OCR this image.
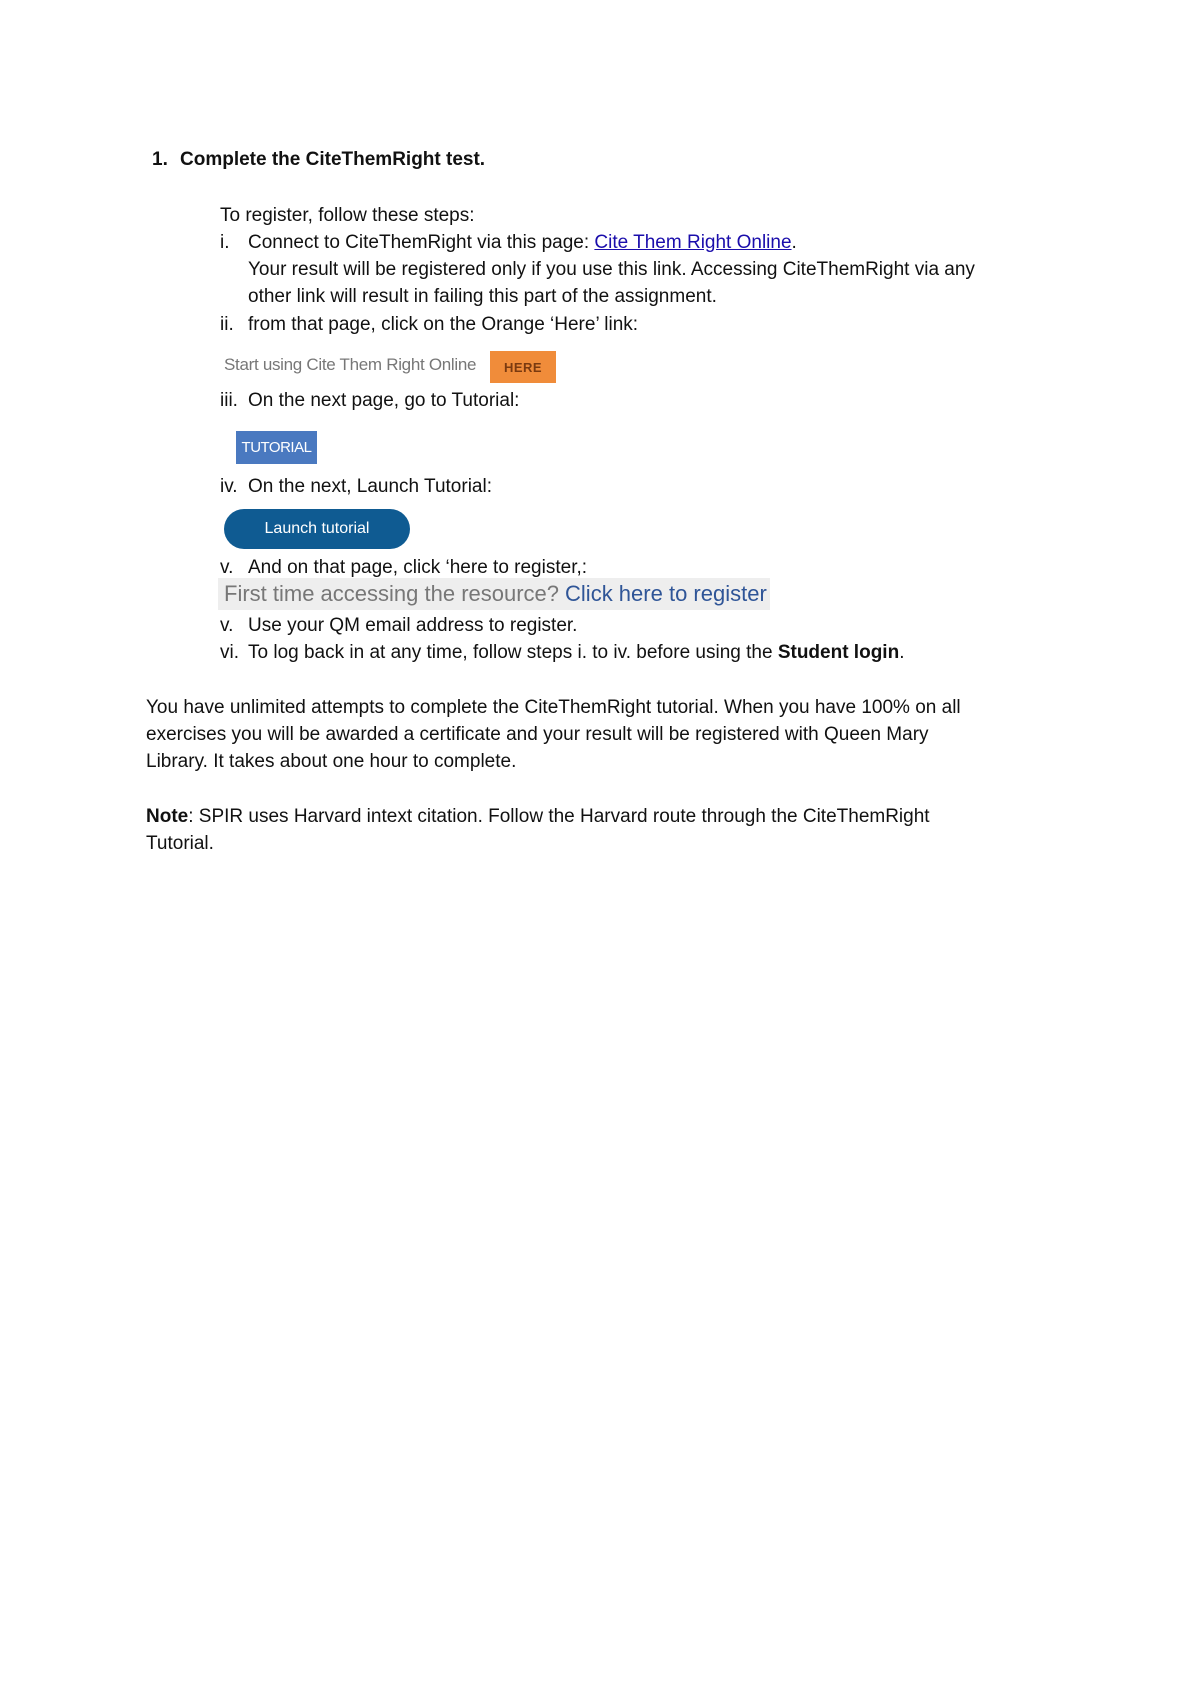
1. Complete the CiteThemRight test.
To register, follow these steps:
i. Connect to CiteThemRight via this page: Cite Them Right Online.
Your result will be registered only if you use this link. Accessing CiteThemRight via any
other link will result in failing this part of the assignment.
ii. from that page, click on the Orange ‘Here’ link:
Start using Cite Them Right Online	HERE
iii. On the next page, go to Tutorial:
TUTORIAL
iv. On the next, Launch Tutorial:
Launch tutorial
v. And on that page, click ‘here to register,:
First time accessing the resource? Click here to register
v. Use your QM email address to register.
vi. To log back in at any time, follow steps i. to iv. before using the Student login.
You have unlimited attempts to complete the CiteThemRight tutorial. When you have 100% on all
exercises you will be awarded a certificate and your result will be registered with Queen Mary
Library. It takes about one hour to complete.
Note: SPIR uses Harvard intext citation. Follow the Harvard route through the CiteThemRight
Tutorial.
